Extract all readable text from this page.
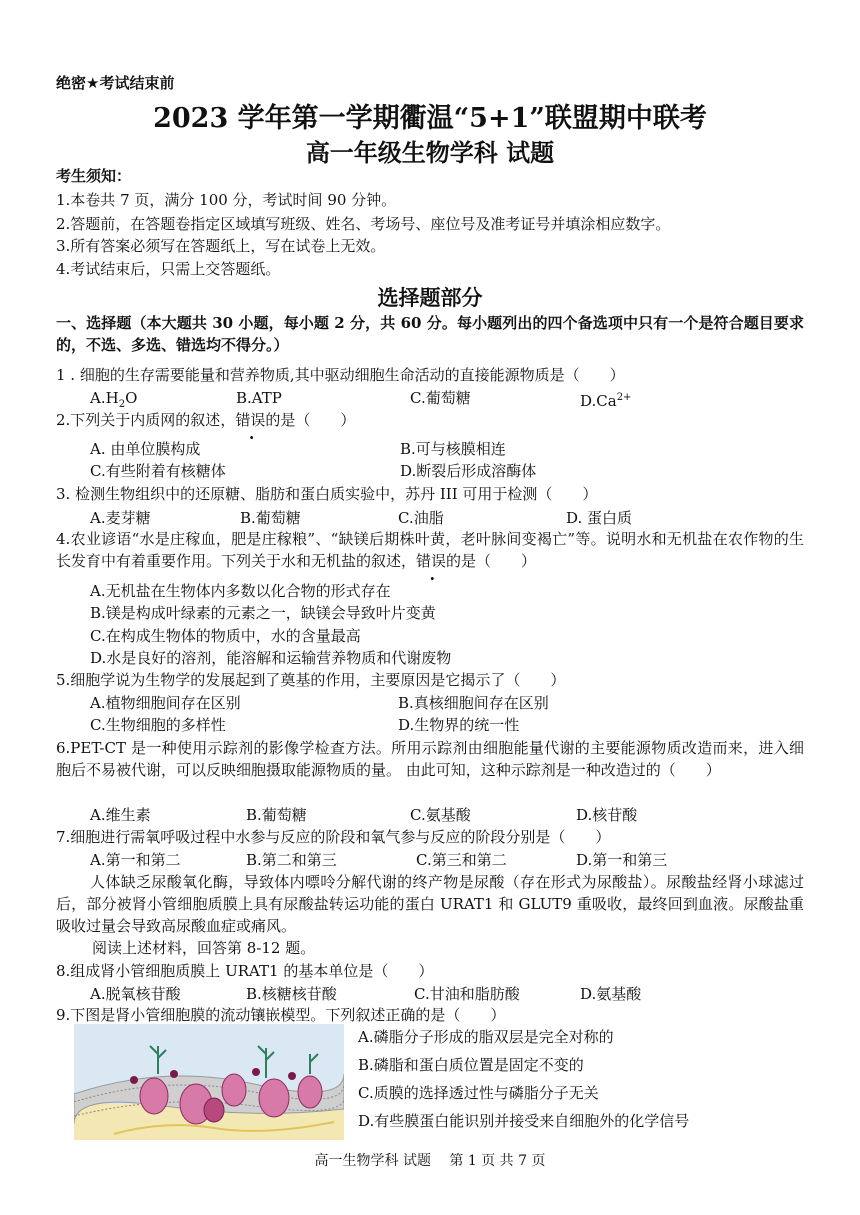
绝密★考试结束前
2023 学年第一学期衢温“5+1”联盟期中联考
高一年级生物学科 试题
考生须知：
1.本卷共 7 页，满分 100 分，考试时间 90 分钟。
2.答题前，在答题卷指定区域填写班级、姓名、考场号、座位号及准考证号并填涂相应数字。
3.所有答案必须写在答题纸上，写在试卷上无效。
4.考试结束后，只需上交答题纸。
选择题部分
一、选择题（本大题共 30 小题，每小题 2 分，共 60 分。每小题列出的四个备选项中只有一个是符合题目要求的，不选、多选、错选均不得分。）
1 . 细胞的生存需要能量和营养物质,其中驱动细胞生命活动的直接能源物质是（　　）
$A.H_2O$	B.ATP	C.葡萄糖	$D.Ca^{2+}$
2.下列关于内质网的叙述，错误的是（　　）
A. 由单位膜构成	B.可与核膜相连
C.有些附着有核糖体	D.断裂后形成溶酶体
3. 检测生物组织中的还原糖、脂肪和蛋白质实验中，苏丹 III 可用于检测（　　）
A.麦芽糖	B.葡萄糖	C.油脂	D. 蛋白质
4.农业谚语“水是庄稼血，肥是庄稼粮”、“缺镁后期株叶黄，老叶脉间变褐亡”等。说明水和无机盐在农作物的生长发育中有着重要作用。下列关于水和无机盐的叙述，错误的是（　　）
A.无机盐在生物体内多数以化合物的形式存在
B.镁是构成叶绿素的元素之一，缺镁会导致叶片变黄
C.在构成生物体的物质中，水的含量最高
D.水是良好的溶剂，能溶解和运输营养物质和代谢废物
5.细胞学说为生物学的发展起到了奠基的作用，主要原因是它揭示了（　　）
A.植物细胞间存在区别	B.真核细胞间存在区别
C.生物细胞的多样性	D.生物界的统一性
6.PET-CT 是一种使用示踪剂的影像学检查方法。所用示踪剂由细胞能量代谢的主要能源物质改造而来，进入细胞后不易被代谢，可以反映细胞摄取能源物质的量。 由此可知，这种示踪剂是一种改造过的（　　）
A.维生素	B.葡萄糖	C.氨基酸	D.核苷酸
7.细胞进行需氧呼吸过程中水参与反应的阶段和氧气参与反应的阶段分别是（　　）
A.第一和第二	B.第二和第三	C.第三和第二	D.第一和第三
人体缺乏尿酸氧化酶，导致体内嘌呤分解代谢的终产物是尿酸（存在形式为尿酸盐）。尿酸盐经肾小球滤过后，部分被肾小管细胞质膜上具有尿酸盐转运功能的蛋白 URAT1 和 GLUT9 重吸收，最终回到血液。尿酸盐重吸收过量会导致高尿酸血症或痛风。
阅读上述材料，回答第 8-12 题。
8.组成肾小管细胞质膜上 URAT1 的基本单位是（　　）
A.脱氧核苷酸	B.核糖核苷酸	C.甘油和脂肪酸	D.氨基酸
9.下图是肾小管细胞膜的流动镶嵌模型。下列叙述正确的是（　　）
A.磷脂分子形成的脂双层是完全对称的
B.磷脂和蛋白质位置是固定不变的
C.质膜的选择透过性与磷脂分子无关
D.有些膜蛋白能识别并接受来自细胞外的化学信号
高一生物学科 试题　 第 1 页 共 7 页
